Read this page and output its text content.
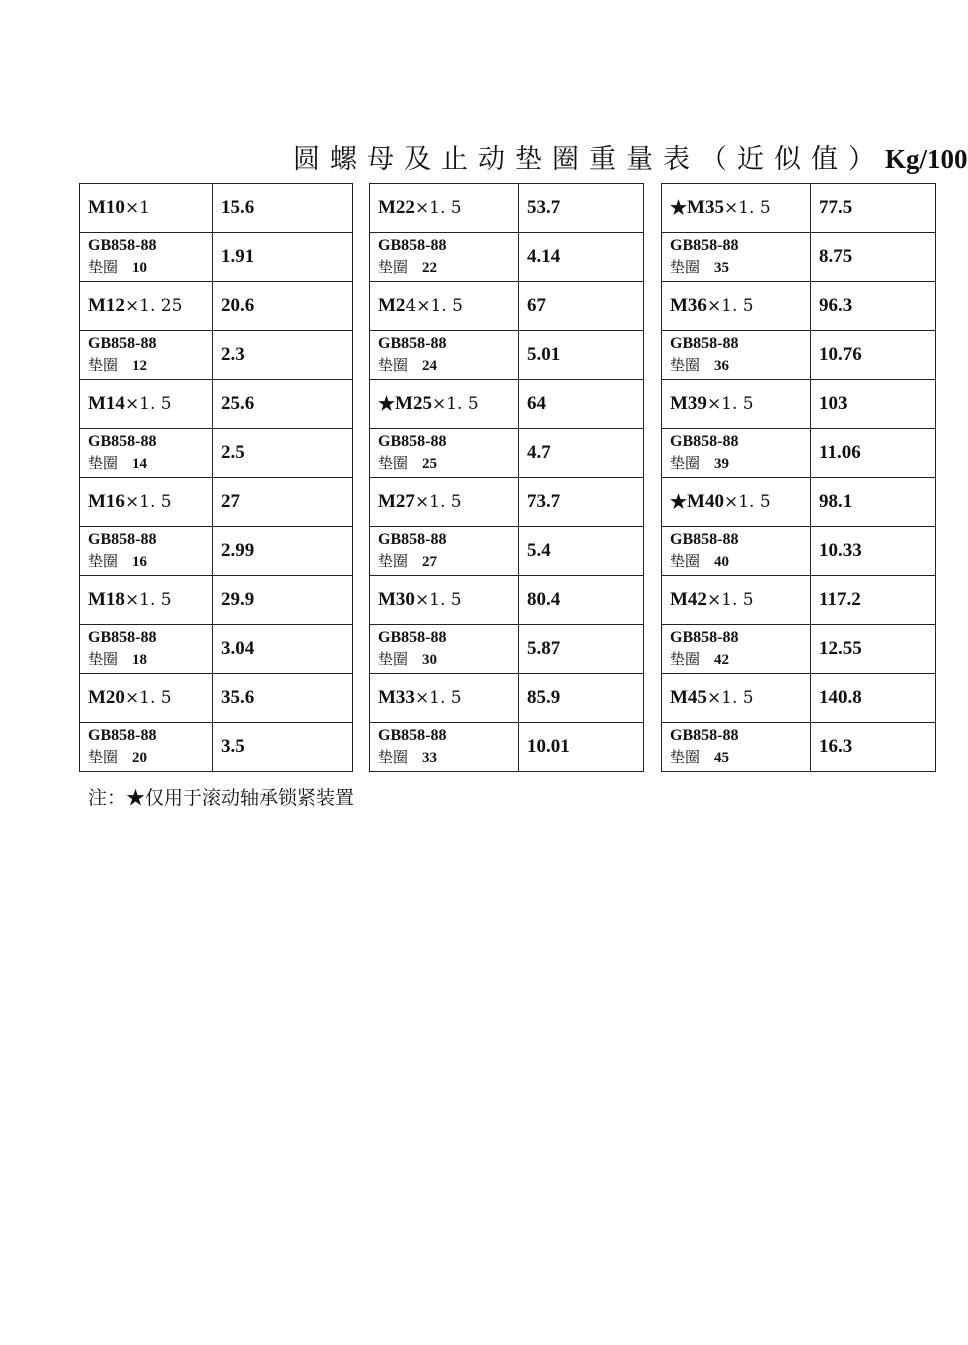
圆螺母及止动垫圈重量表（近似值）Kg/100
M10 ×1	15.6
GB858-88
垫圈 10
1.91
M12 ×1. 25	20.6
GB858-88
垫圈 12
2.3
M14 ×1. 5	25.6
GB858-88
垫圈 14
2.5
M16 ×1. 5	27
GB858-88
垫圈 16
2.99
M18 ×1. 5	29.9
GB858-88
垫圈 18
3.04
M20 ×1. 5	35.6
GB858-88
垫圈 20
3.5
M22 ×1. 5	53.7
GB858-88
垫圈 22
4.14
M2 4×1. 5	67
GB858-88
垫圈 24
5.01
★ M25 ×1. 5	64
GB858-88
垫圈 25
4.7
M27 ×1. 5	73.7
GB858-88
垫圈 27
5.4
M30 ×1. 5	80.4
GB858-88
垫圈 30
5.87
M33 ×1. 5	85.9
GB858-88
垫圈 33
10.01
★ M35 ×1. 5	77.5
GB858-88
垫圈 35
8.75
M36 ×1. 5	96.3
GB858-88
垫圈 36
10.76
M39 ×1. 5	103
GB858-88
垫圈 39
11.06
★ M40 ×1. 5	98.1
GB858-88
垫圈 40
10.33
M42 ×1. 5	117.2
GB858-88
垫圈 42
12.55
M45 ×1. 5	140.8
GB858-88
垫圈 45
16.3
注：★仅用于滚动轴承锁紧装置
